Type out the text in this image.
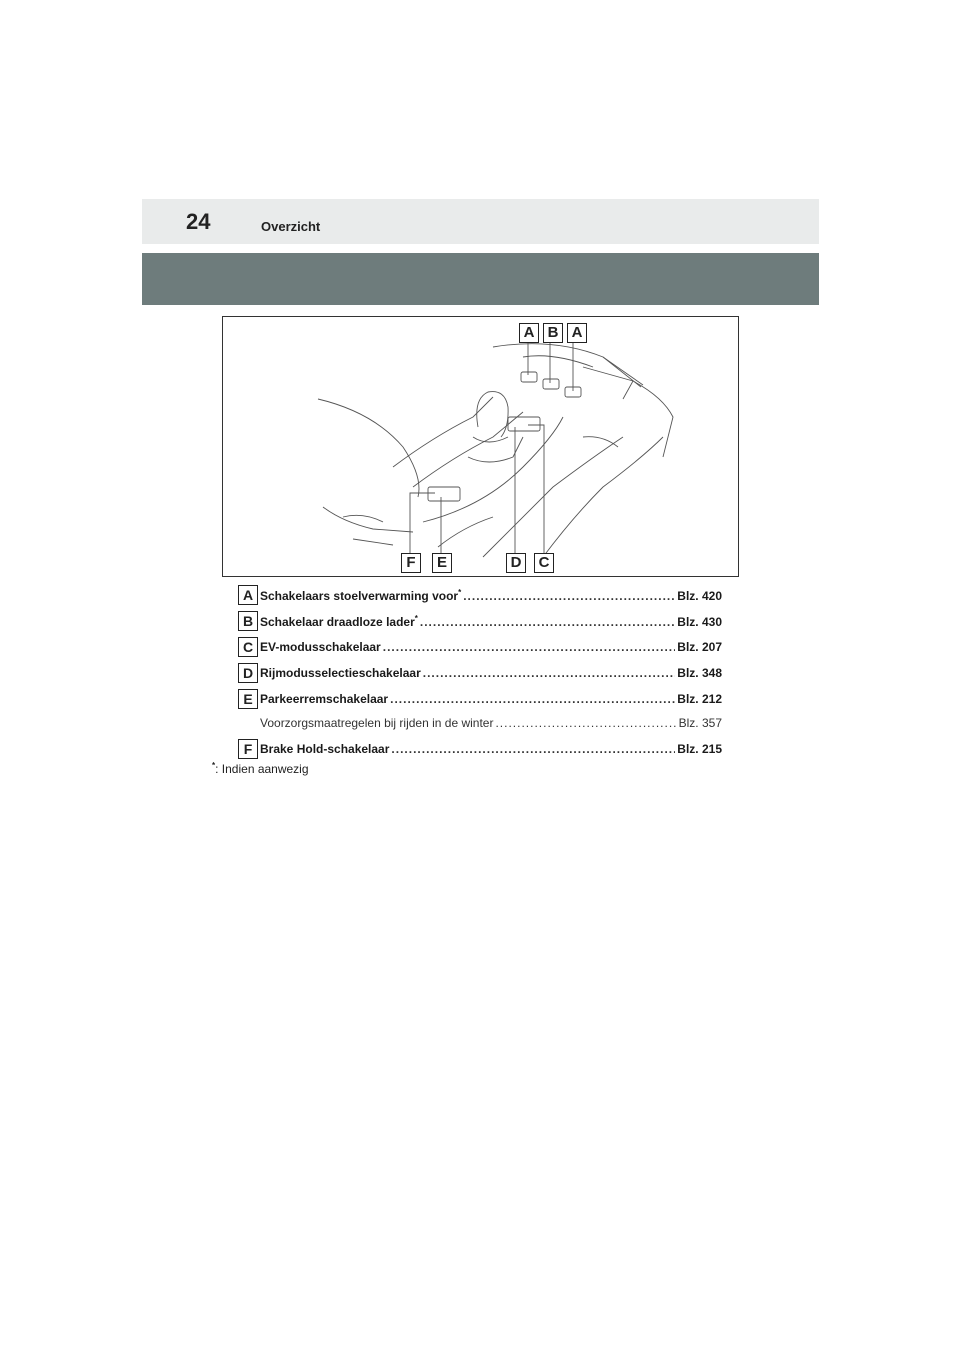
24	Overzicht
A B A
F	E	D	C
A Schakelaars stoelverwarming voor* .....	Blz. 420
B Schakelaar draadloze lader* .....	Blz. 430
C EV-modusschakelaar .....	Blz. 207
D Rijmodusselectieschakelaar .....	Blz. 348
E Parkeerremschakelaar .....	Blz. 212
Voorzorgsmaatregelen bij rijden in de winter .....	Blz. 357
F Brake Hold-schakelaar .....	Blz. 215
*: Indien aanwezig
